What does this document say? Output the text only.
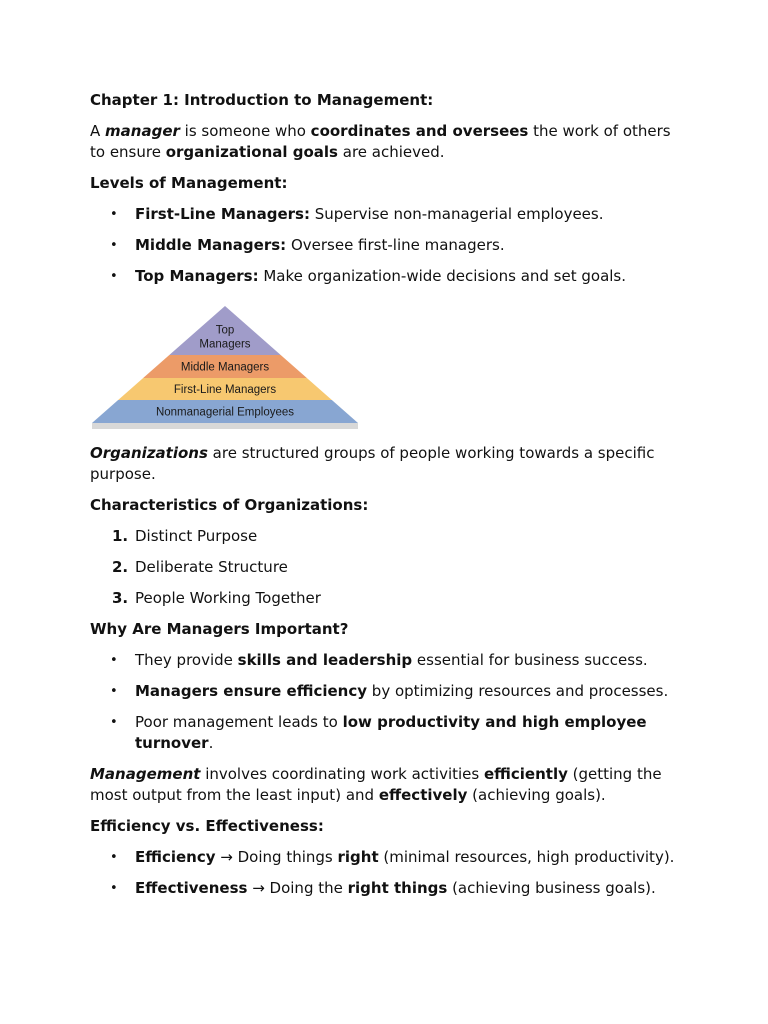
Chapter 1: Introduction to Management:

A manager is someone who coordinates and oversees the work of others to ensure organizational goals are achieved.

Levels of Management:

• First-Line Managers: Supervise non-managerial employees.
• Middle Managers: Oversee first-line managers.
• Top Managers: Make organization-wide decisions and set goals.
Top
Managers
Middle Managers
First-Line Managers
Nonmanagerial Employees

Organizations are structured groups of people working towards a specific purpose.

Characteristics of Organizations:

1. Distinct Purpose
2. Deliberate Structure
3. People Working Together

Why Are Managers Important?

• They provide skills and leadership essential for business success.
• Managers ensure efficiency by optimizing resources and processes.
• Poor management leads to low productivity and high employee turnover.

Management involves coordinating work activities efficiently (getting the most output from the least input) and effectively (achieving goals).

Efficiency vs. Effectiveness:

• Efficiency → Doing things right (minimal resources, high productivity).
• Effectiveness → Doing the right things (achieving business goals).
